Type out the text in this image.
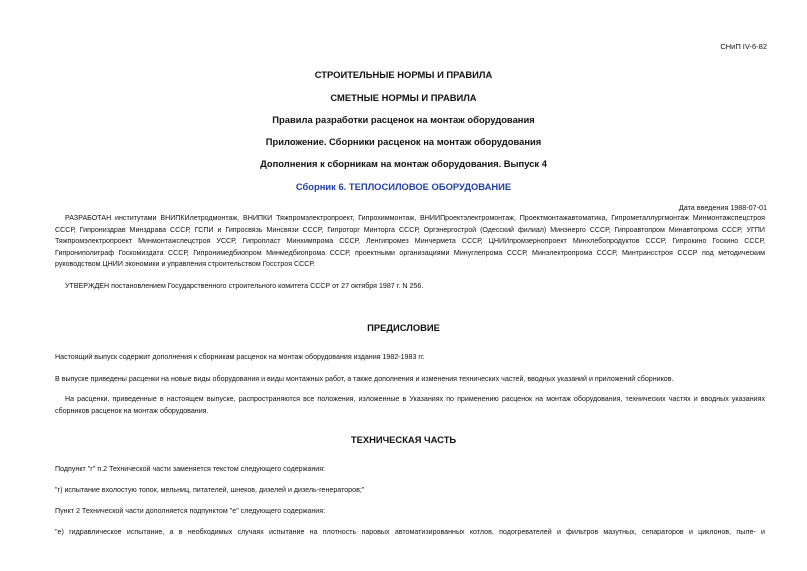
СНиП IV-6-82
СТРОИТЕЛЬНЫЕ НОРМЫ И ПРАВИЛА
СМЕТНЫЕ НОРМЫ И ПРАВИЛА
Правила разработки расценок на монтаж оборудования
Приложение. Сборники расценок на монтаж оборудования
Дополнения к сборникам на монтаж оборудования. Выпуск 4
Сборник 6. ТЕПЛОСИЛОВОЕ ОБОРУДОВАНИЕ
Дата введения 1988-07-01
РАЗРАБОТАН институтами ВНИПКИлетродмонтаж, ВНИПКИ Тяжпромэлектропроект, Гипрохиммонтаж, ВНИИПроектэлектромонтаж, Проектмонтажавтоматика, Гипрометаллургмонтаж Минмонтажспецстроя
СССР, Гипрониздрав Минздрава СССР, ГСПИ и Гипросвязь Минсвязи СССР, Гипроторг Минторга СССР, Оргэнергострой (Одесский филиал) Минэнерго СССР, Гипроавтопром Минавтопрома СССР, УГПИ
Тяжпромэлектропроект Минмонтажспецстроя УССР, Гипропласт Минхимпрома СССР, Ленгипромез Минчермета СССР, ЦНИИпромзернопроект Минхлебопродуктов СССР, Гипрокино Госкино СССР,
Гипрониполиграф Госкомиздата СССР, Гипронимедбиопром Минмедбиопрома СССР, проектными организациями Минуглепрома СССР, Минэлектропрома СССР, Минтрансстроя СССР под методическим
руководством ЦНИИ экономики и управления строительством Госстроя СССР.
УТВЕРЖДЕН постановлением Государственного строительного комитета СССР от 27 октября 1987 г. N 256.
ПРЕДИСЛОВИЕ
Настоящий выпуск содержит дополнения к сборникам расценок на монтаж оборудования издания 1982-1983 гг.
В выпуске приведены расценки на новые виды оборудования и виды монтажных работ, а также дополнения и изменения технических частей, вводных указаний и приложений сборников.
На расценки, приведенные в настоящем выпуске, распространяются все положения, изложенные в Указаниях по применению расценок на монтаж оборудования, технических частях и вводных указаниях
сборников расценок на монтаж оборудования.
ТЕХНИЧЕСКАЯ ЧАСТЬ
Подпункт "г" п.2 Технической части заменяется текстом следующего содержания:
"г) испытание вхолостую топок, мельниц, питателей, шнеков, дизелей и дизель-генераторов;"
Пункт 2 Технической части дополняется подпунктом "е" следующего содержания:
"е) гидравлическое испытание, а в необходимых случаях испытание на плотность паровых автоматизированных котлов, подогревателей и фильтров мазутных, сепараторов и циклонов, пыле- и
